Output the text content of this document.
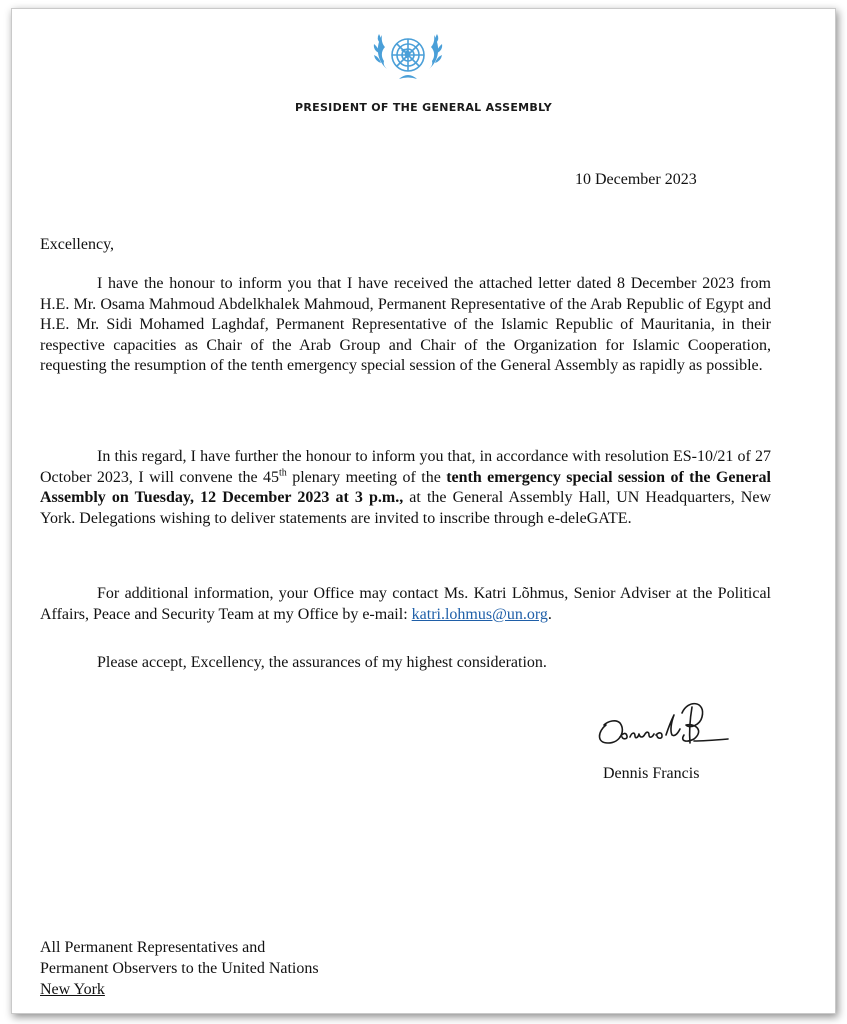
PRESIDENT OF THE GENERAL ASSEMBLY
10 December 2023
Excellency,

I have the honour to inform you that I have received the attached letter dated 8 December 2023 from H.E. Mr. Osama Mahmoud Abdelkhalek Mahmoud, Permanent Representative of the Arab Republic of Egypt and H.E. Mr. Sidi Mohamed Laghdaf, Permanent Representative of the Islamic Republic of Mauritania, in their respective capacities as Chair of the Arab Group and Chair of the Organization for Islamic Cooperation, requesting the resumption of the tenth emergency special session of the General Assembly as rapidly as possible.

In this regard, I have further the honour to inform you that, in accordance with resolution ES-10/21 of 27 October 2023, I will convene the 45th plenary meeting of the tenth emergency special session of the General Assembly on Tuesday, 12 December 2023 at 3 p.m., at the General Assembly Hall, UN Headquarters, New York. Delegations wishing to deliver statements are invited to inscribe through e-deleGATE.

For additional information, your Office may contact Ms. Katri Lõhmus, Senior Adviser at the Political Affairs, Peace and Security Team at my Office by e-mail: katri.lohmus@un.org.

Please accept, Excellency, the assurances of my highest consideration.

Dennis Francis
All Permanent Representatives and
Permanent Observers to the United Nations
New York
